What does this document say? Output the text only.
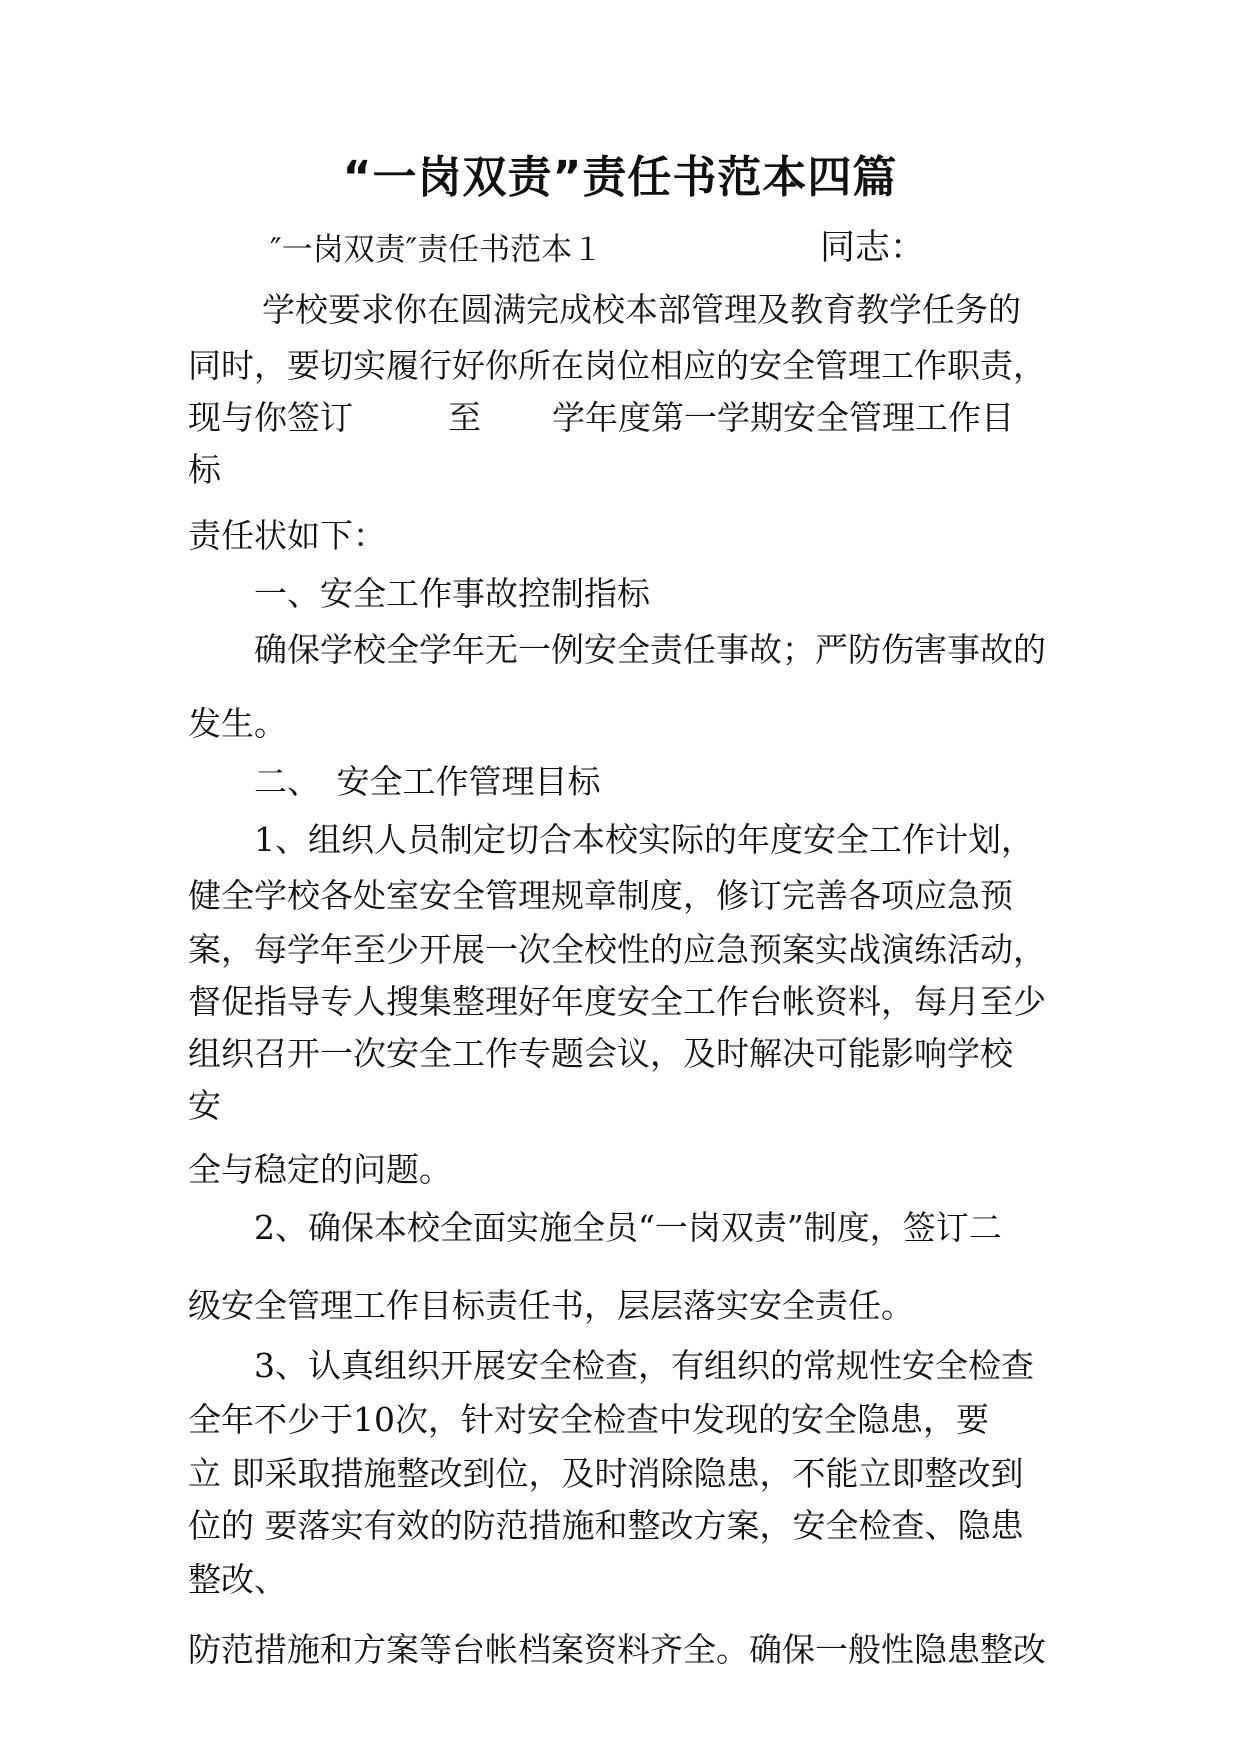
“一岗双责”责任书范本四篇
″一岗双责″责任书范本１	同志：
学校要求你在圆满完成校本部管理及教育教学任务的
同时，要切实履行好你所在岗位相应的安全管理工作职责，
现与你签订	至 学年度第一学期安全管理工作目
标
责任状如下：
一、安全工作事故控制指标
确保学校全学年无一例安全责任事故；严防伤害事故的
发生。
二、　安全工作管理目标
1、组织人员制定切合本校实际的年度安全工作计划，
健全学校各处室安全管理规章制度，修订完善各项应急预
案，每学年至少开展一次全校性的应急预案实战演练活动，
督促指导专人搜集整理好年度安全工作台帐资料，每月至少
组织召开一次安全工作专题会议，及时解决可能影响学校
安
全与稳定的问题。
2、确保本校全面实施全员“一岗双责”制度，签订二
级安全管理工作目标责任书，层层落实安全责任。
3、认真组织开展安全检查，有组织的常规性安全检查
全年不少于10次，针对安全检查中发现的安全隐患，要
立 即采取措施整改到位，及时消除隐患，不能立即整改到
位的 要落实有效的防范措施和整改方案，安全检查、隐患
整改、
防范措施和方案等台帐档案资料齐全。确保一般性隐患整改
